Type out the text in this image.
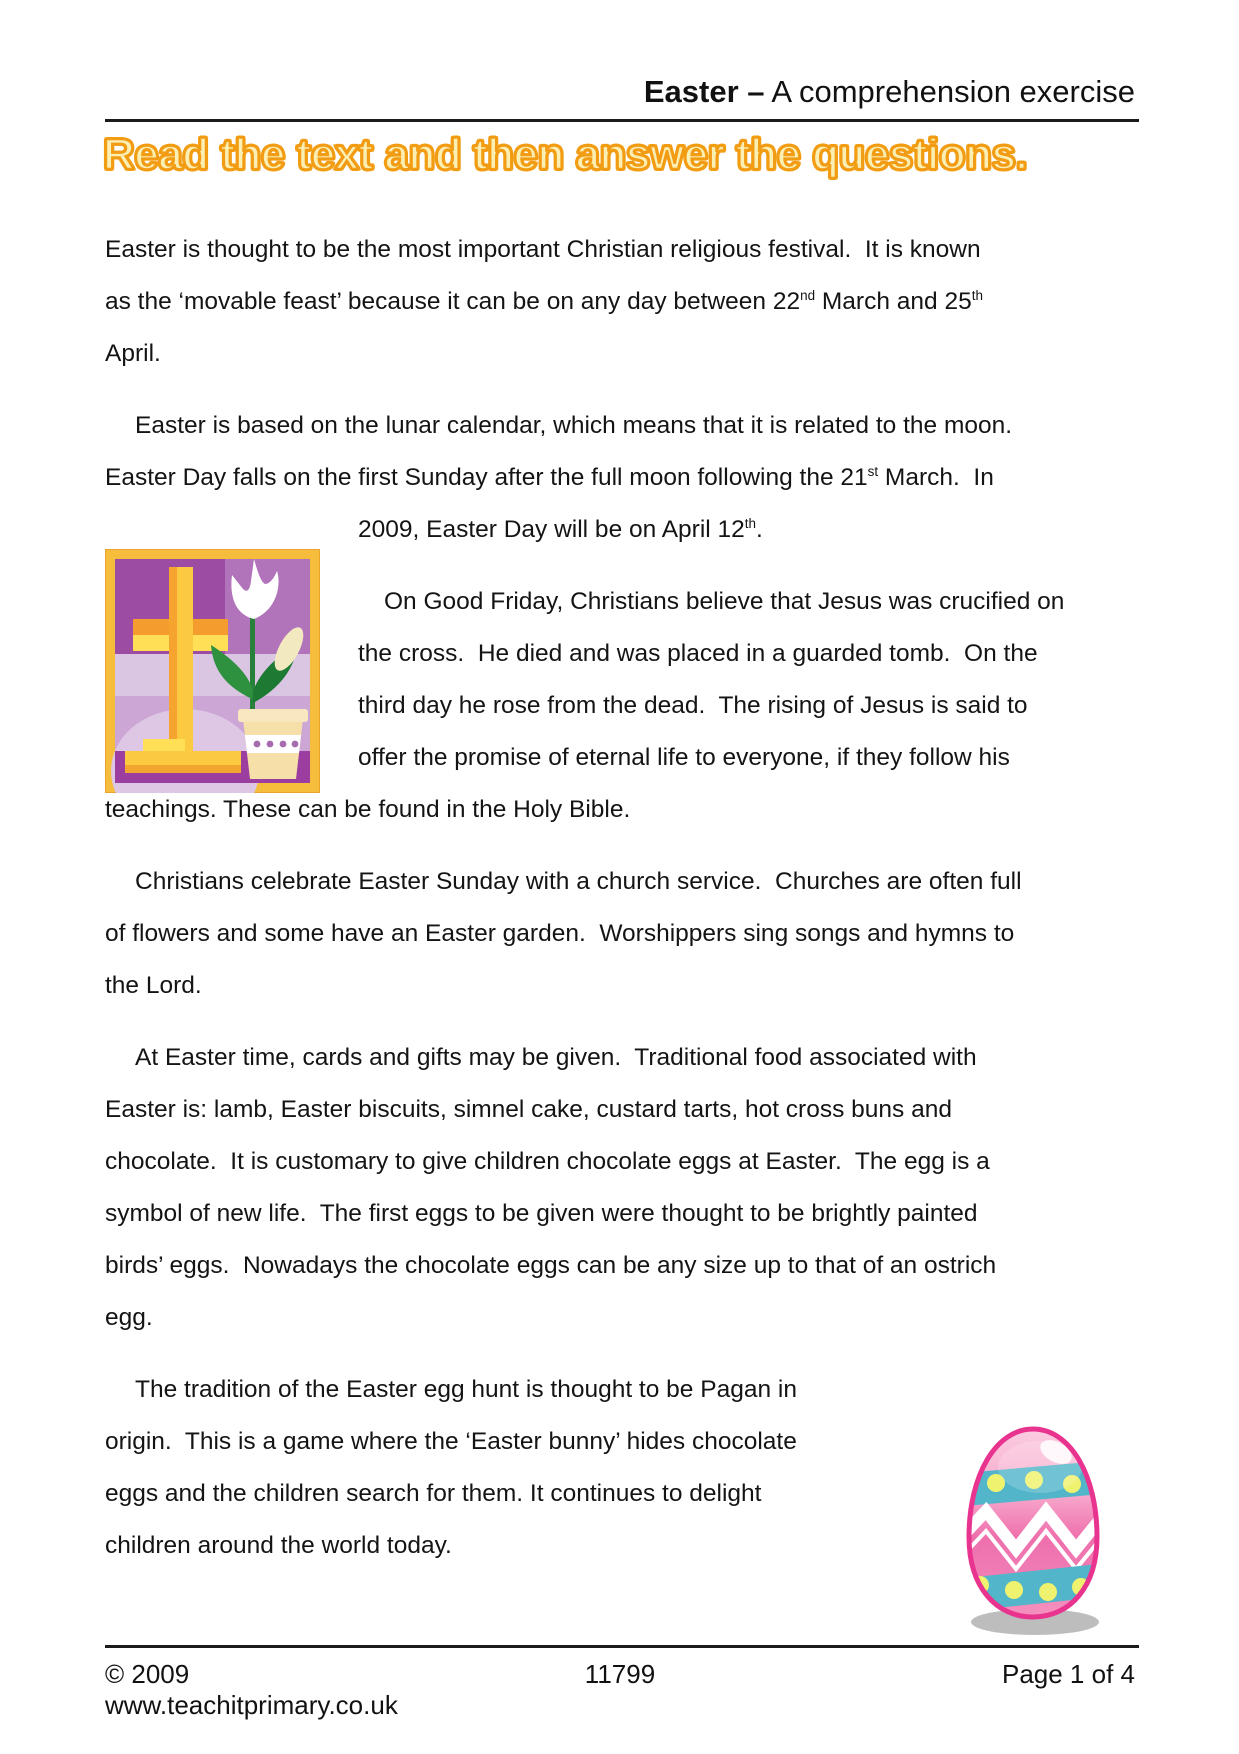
Easter – A comprehension exercise
Read the text and then answer the questions.
Easter is thought to be the most important Christian religious festival.  It is known
as the ‘movable feast’ because it can be on any day between 22nd March and 25th
April.
Easter is based on the lunar calendar, which means that it is related to the moon.
Easter Day falls on the first Sunday after the full moon following the 21st March.  In
2009, Easter Day will be on April 12th.
On Good Friday, Christians believe that Jesus was crucified on
the cross.  He died and was placed in a guarded tomb.  On the
third day he rose from the dead.  The rising of Jesus is said to
offer the promise of eternal life to everyone, if they follow his
teachings. These can be found in the Holy Bible.
Christians celebrate Easter Sunday with a church service.  Churches are often full
of flowers and some have an Easter garden.  Worshippers sing songs and hymns to
the Lord.
At Easter time, cards and gifts may be given.  Traditional food associated with
Easter is: lamb, Easter biscuits, simnel cake, custard tarts, hot cross buns and
chocolate.  It is customary to give children chocolate eggs at Easter.  The egg is a
symbol of new life.  The first eggs to be given were thought to be brightly painted
birds’ eggs.  Nowadays the chocolate eggs can be any size up to that of an ostrich
egg.
The tradition of the Easter egg hunt is thought to be Pagan in
origin.  This is a game where the ‘Easter bunny’ hides chocolate
eggs and the children search for them. It continues to delight
children around the world today.
© 2009 www.teachitprimary.co.uk
11799	Page 1 of 4
